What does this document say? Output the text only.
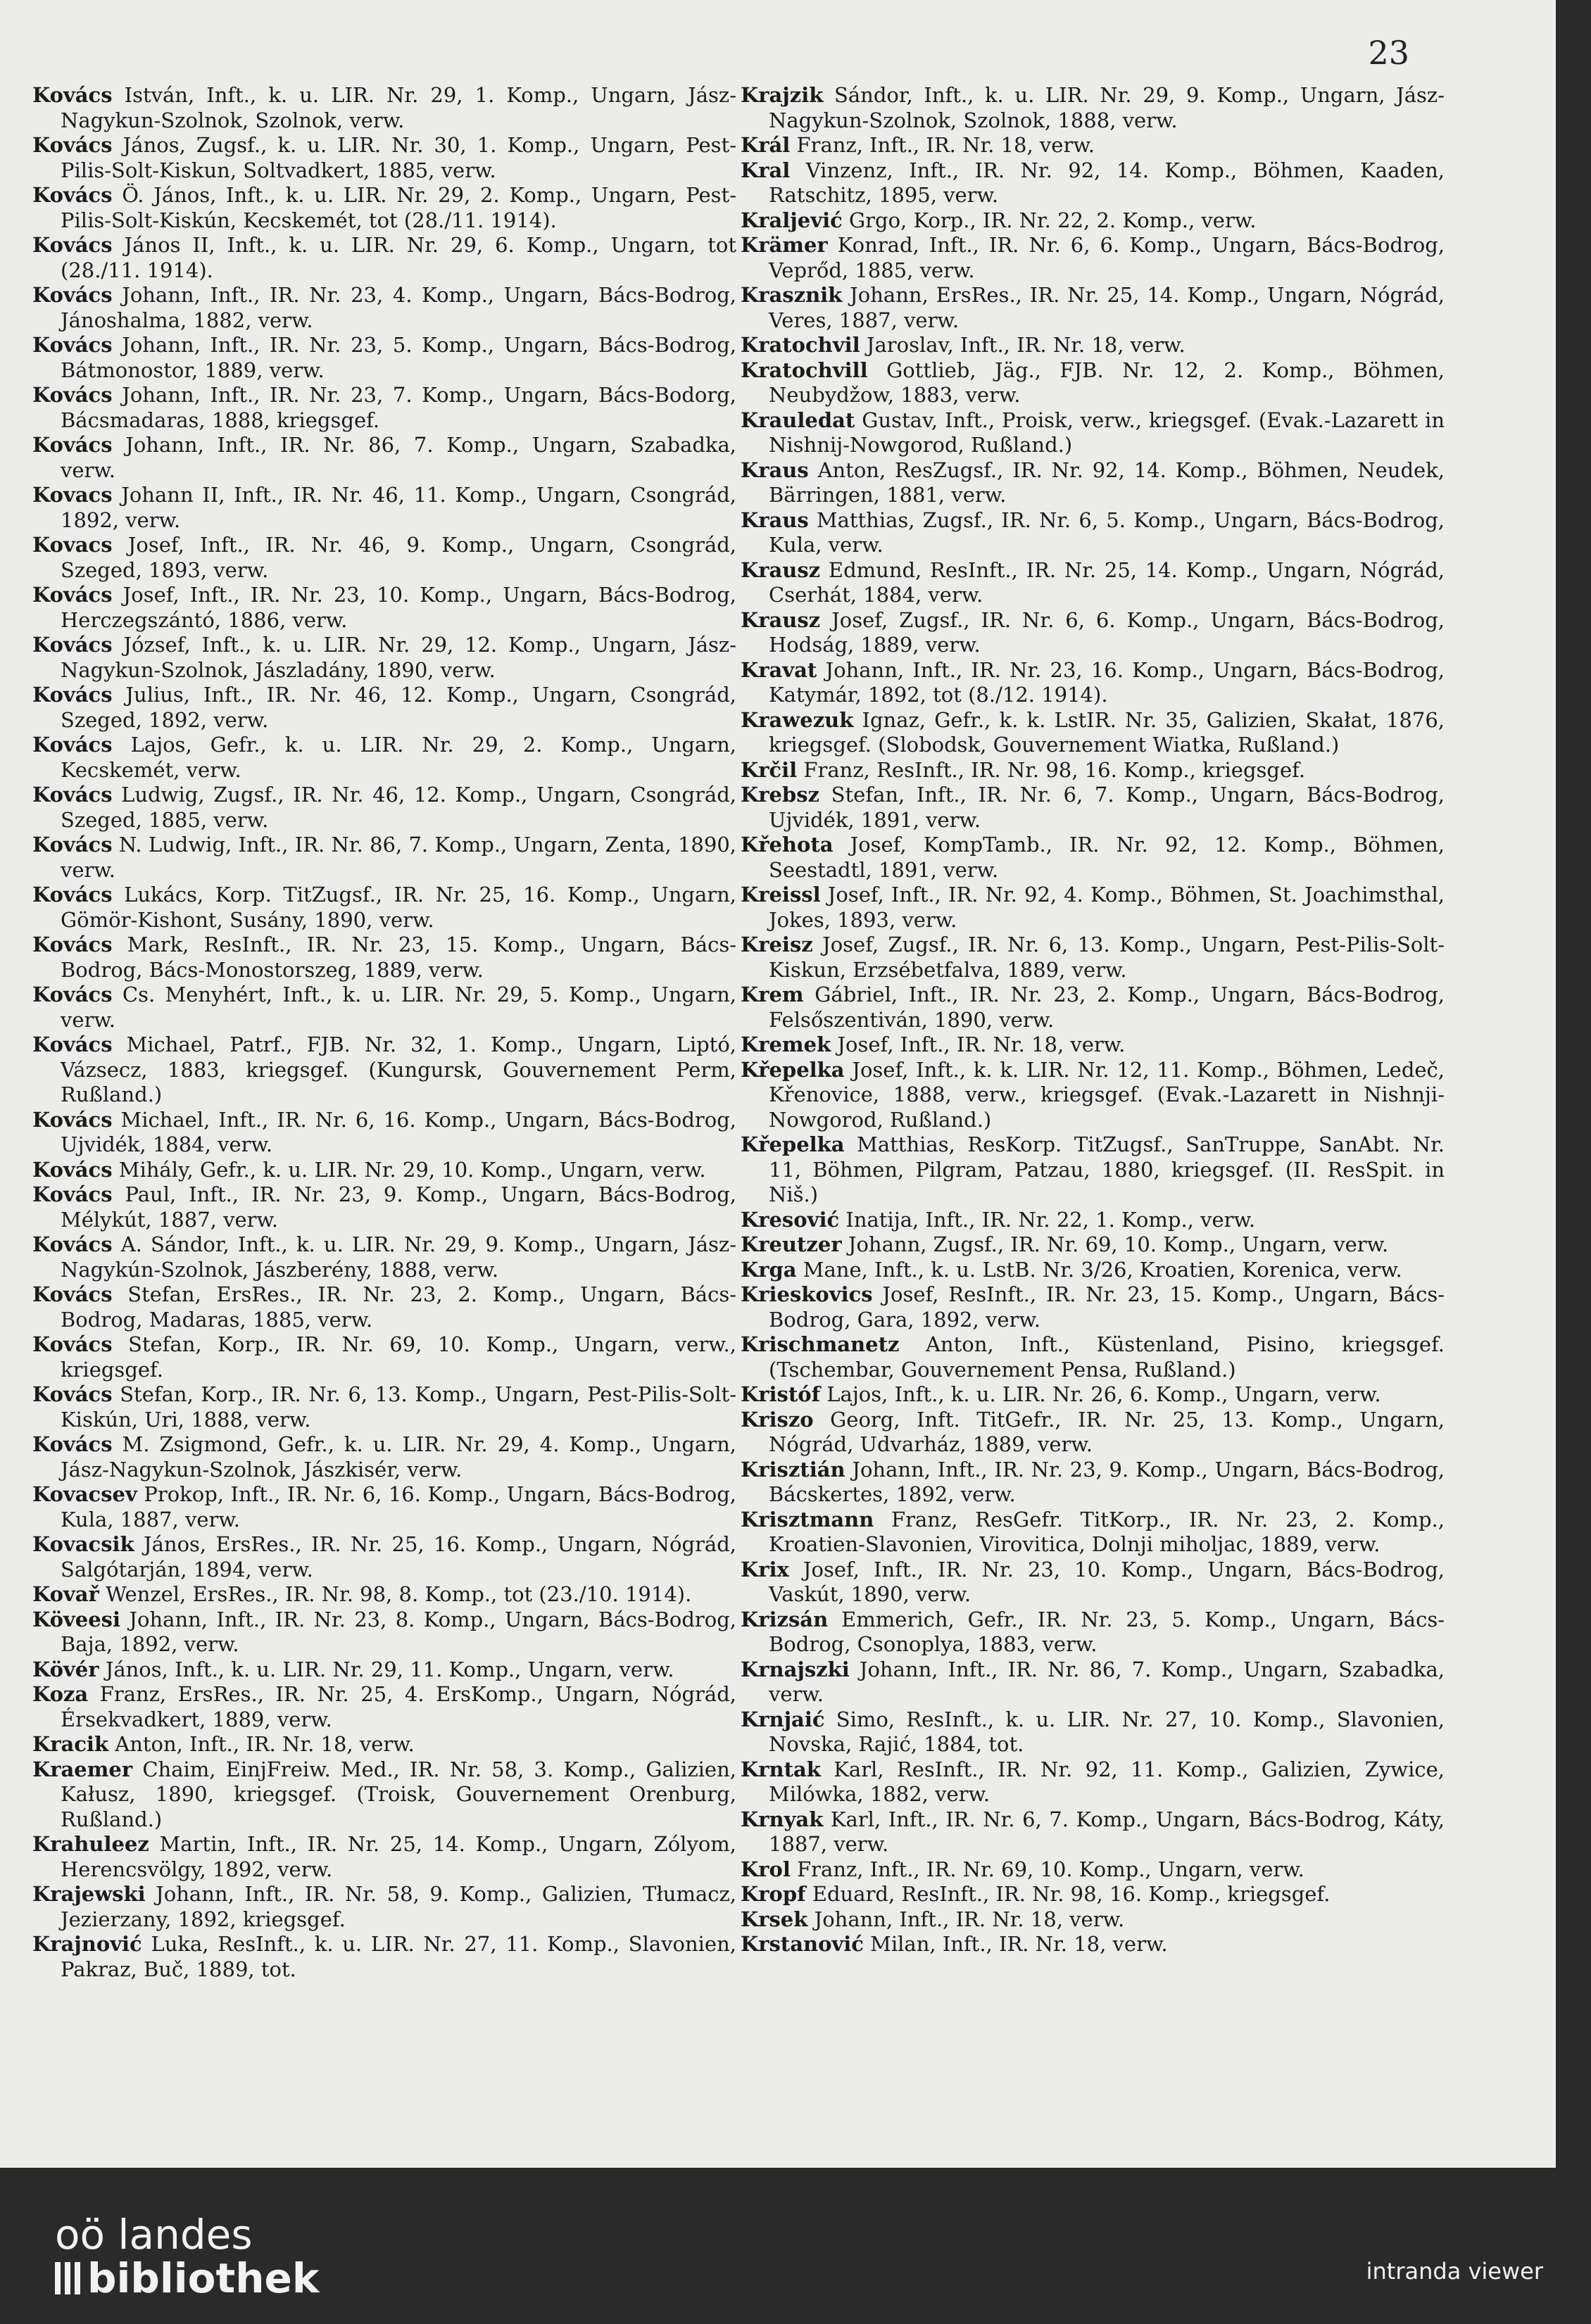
23
Kovács István, Inft., k. u. LIR. Nr. 29, 1. Komp., Ungarn, Jász-Nagykun-Szolnok, Szolnok, verw.
Kovács János, Zugsf., k. u. LIR. Nr. 30, 1. Komp., Ungarn, Pest-Pilis-Solt-Kiskun, Soltvadkert, 1885, verw.
Kovács Ö. János, Inft., k. u. LIR. Nr. 29, 2. Komp., Ungarn, Pest-Pilis-Solt-Kiskún, Kecskemét, tot (28./11. 1914).
Kovács János II, Inft., k. u. LIR. Nr. 29, 6. Komp., Ungarn, tot (28./11. 1914).
Kovács Johann, Inft., IR. Nr. 23, 4. Komp., Ungarn, Bács-Bodrog, Jánoshalma, 1882, verw.
Kovács Johann, Inft., IR. Nr. 23, 5. Komp., Ungarn, Bács-Bodrog, Bátmonostor, 1889, verw.
Kovács Johann, Inft., IR. Nr. 23, 7. Komp., Ungarn, Bács-Bodorg, Bácsmadaras, 1888, kriegsgef.
Kovács Johann, Inft., IR. Nr. 86, 7. Komp., Ungarn, Szabadka, verw.
Kovacs Johann II, Inft., IR. Nr. 46, 11. Komp., Ungarn, Csongrád, 1892, verw.
Kovacs Josef, Inft., IR. Nr. 46, 9. Komp., Ungarn, Csongrád, Szeged, 1893, verw.
Kovács Josef, Inft., IR. Nr. 23, 10. Komp., Ungarn, Bács-Bodrog, Herczegszántó, 1886, verw.
Kovács József, Inft., k. u. LIR. Nr. 29, 12. Komp., Ungarn, Jász-Nagykun-Szolnok, Jászladány, 1890, verw.
Kovács Julius, Inft., IR. Nr. 46, 12. Komp., Ungarn, Csongrád, Szeged, 1892, verw.
Kovács Lajos, Gefr., k. u. LIR. Nr. 29, 2. Komp., Ungarn, Kecskemét, verw.
Kovács Ludwig, Zugsf., IR. Nr. 46, 12. Komp., Ungarn, Csongrád, Szeged, 1885, verw.
Kovács N. Ludwig, Inft., IR. Nr. 86, 7. Komp., Ungarn, Zenta, 1890, verw.
Kovács Lukács, Korp. TitZugsf., IR. Nr. 25, 16. Komp., Ungarn, Gömör-Kishont, Susány, 1890, verw.
Kovács Mark, ResInft., IR. Nr. 23, 15. Komp., Ungarn, Bács-Bodrog, Bács-Monostorszeg, 1889, verw.
Kovács Cs. Menyhért, Inft., k. u. LIR. Nr. 29, 5. Komp., Ungarn, verw.
Kovács Michael, Patrf., FJB. Nr. 32, 1. Komp., Ungarn, Liptó, Vázsecz, 1883, kriegsgef. (Kungursk, Gouvernement Perm, Rußland.)
Kovács Michael, Inft., IR. Nr. 6, 16. Komp., Ungarn, Bács-Bodrog, Ujvidék, 1884, verw.
Kovács Mihály, Gefr., k. u. LIR. Nr. 29, 10. Komp., Ungarn, verw.
Kovács Paul, Inft., IR. Nr. 23, 9. Komp., Ungarn, Bács-Bodrog, Mélykút, 1887, verw.
Kovács A. Sándor, Inft., k. u. LIR. Nr. 29, 9. Komp., Ungarn, Jász-Nagykún-Szolnok, Jászberény, 1888, verw.
Kovács Stefan, ErsRes., IR. Nr. 23, 2. Komp., Ungarn, Bács-Bodrog, Madaras, 1885, verw.
Kovács Stefan, Korp., IR. Nr. 69, 10. Komp., Ungarn, verw., kriegsgef.
Kovács Stefan, Korp., IR. Nr. 6, 13. Komp., Ungarn, Pest-Pilis-Solt-Kiskún, Uri, 1888, verw.
Kovács M. Zsigmond, Gefr., k. u. LIR. Nr. 29, 4. Komp., Ungarn, Jász-Nagykun-Szolnok, Jászkisér, verw.
Kovacsev Prokop, Inft., IR. Nr. 6, 16. Komp., Ungarn, Bács-Bodrog, Kula, 1887, verw.
Kovacsik János, ErsRes., IR. Nr. 25, 16. Komp., Ungarn, Nógrád, Salgótarján, 1894, verw.
Kovař Wenzel, ErsRes., IR. Nr. 98, 8. Komp., tot (23./10. 1914).
Köveesi Johann, Inft., IR. Nr. 23, 8. Komp., Ungarn, Bács-Bodrog, Baja, 1892, verw.
Kövér János, Inft., k. u. LIR. Nr. 29, 11. Komp., Ungarn, verw.
Koza Franz, ErsRes., IR. Nr. 25, 4. ErsKomp., Ungarn, Nógrád, Érsekvadkert, 1889, verw.
Kracik Anton, Inft., IR. Nr. 18, verw.
Kraemer Chaim, EinjFreiw. Med., IR. Nr. 58, 3. Komp., Galizien, Kałusz, 1890, kriegsgef. (Troisk, Gouvernement Orenburg, Rußland.)
Krahuleez Martin, Inft., IR. Nr. 25, 14. Komp., Ungarn, Zólyom, Herencsvölgy, 1892, verw.
Krajewski Johann, Inft., IR. Nr. 58, 9. Komp., Galizien, Tłumacz, Jezierzany, 1892, kriegsgef.
Krajnović Luka, ResInft., k. u. LIR. Nr. 27, 11. Komp., Slavonien, Pakraz, Buč, 1889, tot.
Krajzik Sándor, Inft., k. u. LIR. Nr. 29, 9. Komp., Ungarn, Jász-Nagykun-Szolnok, Szolnok, 1888, verw.
Král Franz, Inft., IR. Nr. 18, verw.
Kral Vinzenz, Inft., IR. Nr. 92, 14. Komp., Böhmen, Kaaden, Ratschitz, 1895, verw.
Kraljević Grgo, Korp., IR. Nr. 22, 2. Komp., verw.
Krämer Konrad, Inft., IR. Nr. 6, 6. Komp., Ungarn, Bács-Bodrog, Veprőd, 1885, verw.
Krasznik Johann, ErsRes., IR. Nr. 25, 14. Komp., Ungarn, Nógrád, Veres, 1887, verw.
Kratochvil Jaroslav, Inft., IR. Nr. 18, verw.
Kratochvill Gottlieb, Jäg., FJB. Nr. 12, 2. Komp., Böhmen, Neubydžow, 1883, verw.
Krauledat Gustav, Inft., Proisk, verw., kriegsgef. (Evak.-Lazarett in Nishnij-Nowgorod, Rußland.)
Kraus Anton, ResZugsf., IR. Nr. 92, 14. Komp., Böhmen, Neudek, Bärringen, 1881, verw.
Kraus Matthias, Zugsf., IR. Nr. 6, 5. Komp., Ungarn, Bács-Bodrog, Kula, verw.
Krausz Edmund, ResInft., IR. Nr. 25, 14. Komp., Ungarn, Nógrád, Cserhát, 1884, verw.
Krausz Josef, Zugsf., IR. Nr. 6, 6. Komp., Ungarn, Bács-Bodrog, Hodság, 1889, verw.
Kravat Johann, Inft., IR. Nr. 23, 16. Komp., Ungarn, Bács-Bodrog, Katymár, 1892, tot (8./12. 1914).
Krawezuk Ignaz, Gefr., k. k. LstIR. Nr. 35, Galizien, Skałat, 1876, kriegsgef. (Slobodsk, Gouvernement Wiatka, Rußland.)
Krčil Franz, ResInft., IR. Nr. 98, 16. Komp., kriegsgef.
Krebsz Stefan, Inft., IR. Nr. 6, 7. Komp., Ungarn, Bács-Bodrog, Ujvidék, 1891, verw.
Křehota Josef, KompTamb., IR. Nr. 92, 12. Komp., Böhmen, Seestadtl, 1891, verw.
Kreissl Josef, Inft., IR. Nr. 92, 4. Komp., Böhmen, St. Joachimsthal, Jokes, 1893, verw.
Kreisz Josef, Zugsf., IR. Nr. 6, 13. Komp., Ungarn, Pest-Pilis-Solt-Kiskun, Erzsébetfalva, 1889, verw.
Krem Gábriel, Inft., IR. Nr. 23, 2. Komp., Ungarn, Bács-Bodrog, Felsőszentiván, 1890, verw.
Kremek Josef, Inft., IR. Nr. 18, verw.
Křepelka Josef, Inft., k. k. LIR. Nr. 12, 11. Komp., Böhmen, Ledeč, Křenovice, 1888, verw., kriegsgef. (Evak.-Lazarett in Nishnji-Nowgorod, Rußland.)
Křepelka Matthias, ResKorp. TitZugsf., SanTruppe, SanAbt. Nr. 11, Böhmen, Pilgram, Patzau, 1880, kriegsgef. (II. ResSpit. in Niš.)
Kresović Inatija, Inft., IR. Nr. 22, 1. Komp., verw.
Kreutzer Johann, Zugsf., IR. Nr. 69, 10. Komp., Ungarn, verw.
Krga Mane, Inft., k. u. LstB. Nr. 3/26, Kroatien, Korenica, verw.
Krieskovics Josef, ResInft., IR. Nr. 23, 15. Komp., Ungarn, Bács-Bodrog, Gara, 1892, verw.
Krischmanetz Anton, Inft., Küstenland, Pisino, kriegsgef. (Tschembar, Gouvernement Pensa, Rußland.)
Kristóf Lajos, Inft., k. u. LIR. Nr. 26, 6. Komp., Ungarn, verw.
Kriszo Georg, Inft. TitGefr., IR. Nr. 25, 13. Komp., Ungarn, Nógrád, Udvarház, 1889, verw.
Krisztián Johann, Inft., IR. Nr. 23, 9. Komp., Ungarn, Bács-Bodrog, Bácskertes, 1892, verw.
Krisztmann Franz, ResGefr. TitKorp., IR. Nr. 23, 2. Komp., Kroatien-Slavonien, Virovitica, Dolnji miholjac, 1889, verw.
Krix Josef, Inft., IR. Nr. 23, 10. Komp., Ungarn, Bács-Bodrog, Vaskút, 1890, verw.
Krizsán Emmerich, Gefr., IR. Nr. 23, 5. Komp., Ungarn, Bács-Bodrog, Csonoplya, 1883, verw.
Krnajszki Johann, Inft., IR. Nr. 86, 7. Komp., Ungarn, Szabadka, verw.
Krnjaić Simo, ResInft., k. u. LIR. Nr. 27, 10. Komp., Slavonien, Novska, Rajić, 1884, tot.
Krntak Karl, ResInft., IR. Nr. 92, 11. Komp., Galizien, Zywice, Milówka, 1882, verw.
Krnyak Karl, Inft., IR. Nr. 6, 7. Komp., Ungarn, Bács-Bodrog, Káty, 1887, verw.
Krol Franz, Inft., IR. Nr. 69, 10. Komp., Ungarn, verw.
Kropf Eduard, ResInft., IR. Nr. 98, 16. Komp., kriegsgef.
Krsek Johann, Inft., IR. Nr. 18, verw.
Krstanović Milan, Inft., IR. Nr. 18, verw.
oö landes
bibliothek	intranda viewer
